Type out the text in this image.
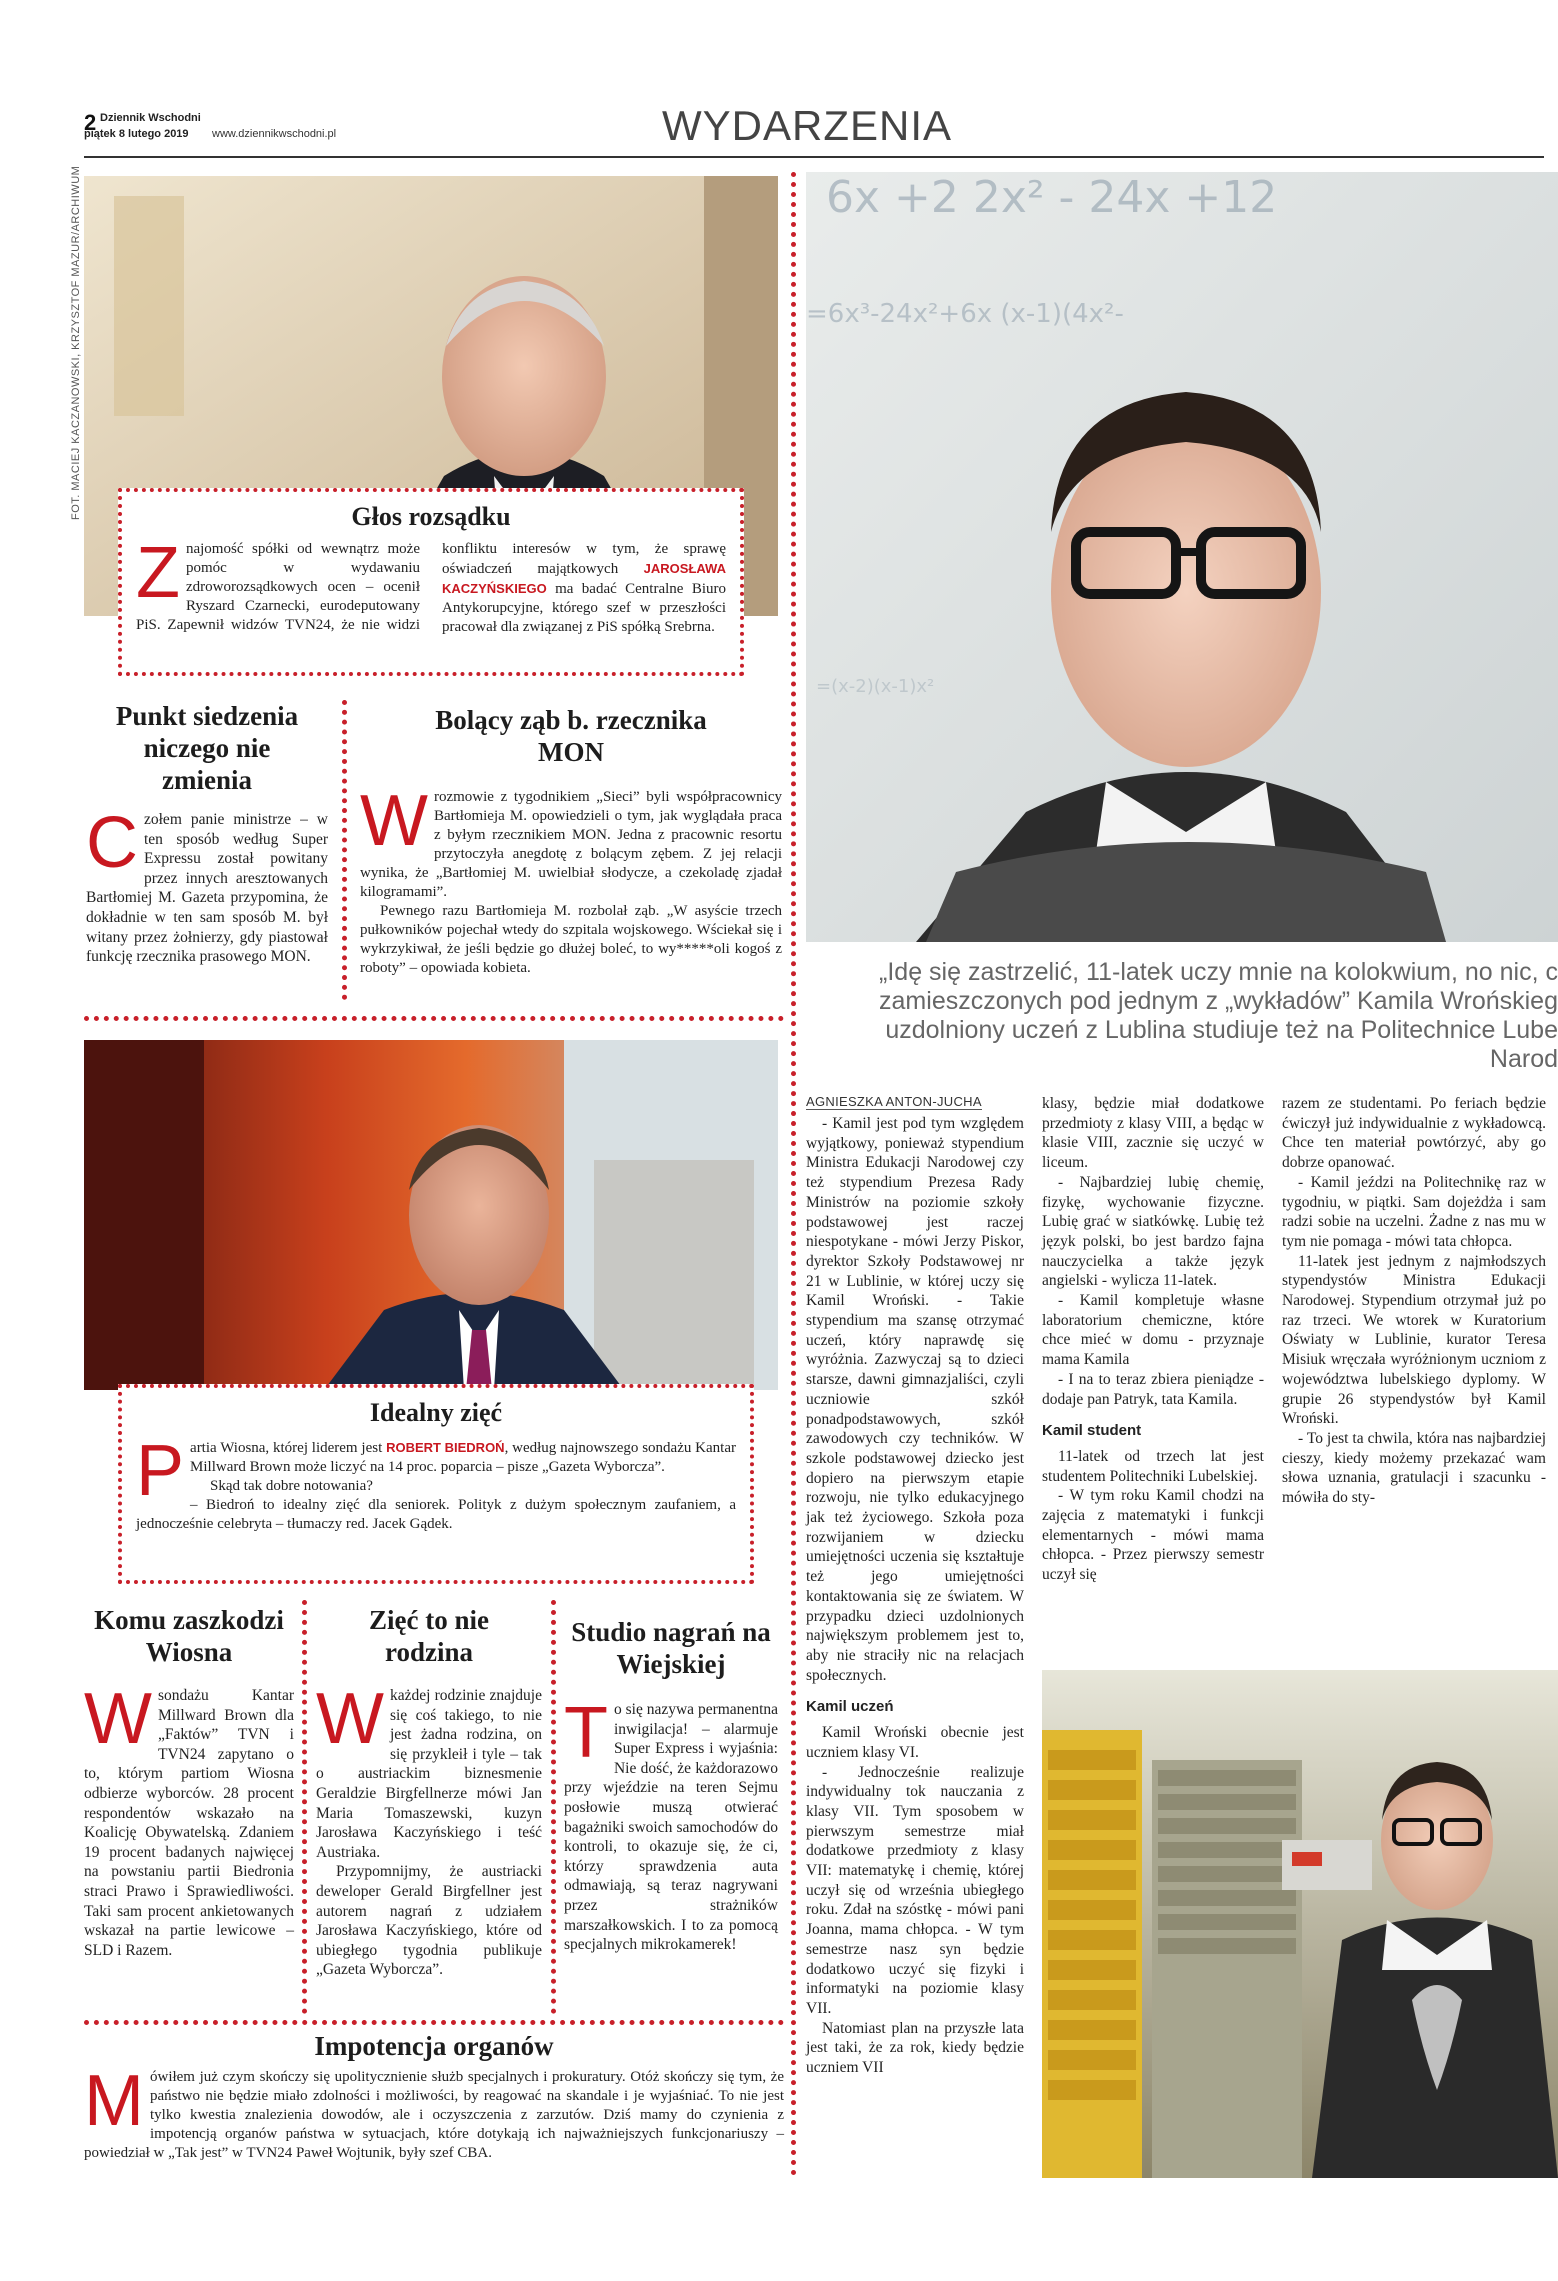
2 Dziennik Wschodni
piątek 8 lutego 2019 www.dziennikwschodni.pl	WYDARZENIA
FOT. MACIEJ KACZANOWSKI, KRZYSZTOF MAZUR/ARCHIWUM	Głos rozsądku
Znajomość spółki od wewnątrz może pomóc w wydawaniu zdroworozsądkowych ocen – ocenił Ryszard Czarnecki, eurodeputowany PiS. Zapewnił widzów TVN24, że nie widzi konfliktu interesów w tym, że sprawę oświadczeń majątkowych JAROSŁAWA KACZYŃSKIEGO ma badać Centralne Biuro Antykorupcyjne, którego szef w przeszłości pracował dla związanej z PiS spółką Srebrna.
Punkt siedzenia niczego nie zmienia
Czołem panie ministrze – w ten sposób według Super Expressu został powitany przez innych aresztowanych Bartłomiej M. Gazeta przypomina, że dokładnie w ten sam sposób M. był witany przez żołnierzy, gdy piastował funkcję rzecznika prasowego MON.
Bolący ząb b. rzecznika MON
Wrozmowie z tygodnikiem „Sieci” byli współpracownicy Bartłomieja M. opowiedzieli o tym, jak wyglądała praca z byłym rzecznikiem MON. Jedna z pracownic resortu przytoczyła anegdotę z bolącym zębem. Z jej relacji wynika, że „Bartłomiej M. uwielbiał słodycze, a czekoladę zjadał kilogramami”.

Pewnego razu Bartłomieja M. rozbolał ząb. „W asyście trzech pułkowników pojechał wtedy do szpitala wojskowego. Wściekał się i wykrzykiwał, że jeśli będzie go dłużej boleć, to wy*****oli kogoś z roboty” – opowiada kobieta.

Idealny zięć
Partia Wiosna, której liderem jest ROBERT BIEDROŃ, według najnowszego sondażu Kantar Millward Brown może liczyć na 14 proc. poparcia – pisze „Gazeta Wyborcza”.

Skąd tak dobre notowania?

– Biedroń to idealny zięć dla seniorek. Polityk z dużym społecznym zaufaniem, a jednocześnie celebryta – tłumaczy red. Jacek Gądek.

Komu zaszkodzi Wiosna
Wsondażu Kantar Millward Brown dla „Faktów” TVN i TVN24 zapytano o to, którym partiom Wiosna odbierze wyborców. 28 procent respondentów wskazało na Koalicję Obywatelską. Zdaniem 19 procent badanych najwięcej na powstaniu partii Biedronia straci Prawo i Sprawiedliwości. Taki sam procent ankietowanych wskazał na partie lewicowe – SLD i Razem.
Zięć to nie rodzina
Wkażdej rodzinie znajduje się coś takiego, to nie jest żadna rodzina, on się przykleił i tyle – tak o austriackim biznesmenie Geraldzie Birgfellnerze mówi Jan Maria Tomaszewski, kuzyn Jarosława Kaczyńskiego i teść Austriaka.

Przypomnijmy, że austriacki deweloper Gerald Birgfellner jest autorem nagrań z udziałem Jarosława Kaczyńskiego, które od ubiegłego tygodnia publikuje „Gazeta Wyborcza”.

Studio nagrań na Wiejskiej
To się nazywa permanentna inwigilacja! – alarmuje Super Express i wyjaśnia: Nie dość, że każdorazowo przy wjeździe na teren Sejmu posłowie muszą otwierać bagażniki swoich samochodów do kontroli, to okazuje się, że ci, którzy sprawdzenia auta odmawiają, są teraz nagrywani przez strażników marszałkowskich. I to za pomocą specjalnych mikrokamerek!
Impotencja organów
Mówiłem już czym skończy się upolitycznienie służb specjalnych i prokuratury. Otóż skończy się tym, że państwo nie będzie miało zdolności i możliwości, by reagować na skandale i je wyjaśniać. To nie jest tylko kwestia znalezienia dowodów, ale i oczyszczenia z zarzutów. Dziś mamy do czynienia z impotencją organów państwa w sytuacjach, które dotykają ich najważniejszych funkcjonariuszy – powiedział w „Tak jest” w TVN24 Paweł Wojtunik, były szef CBA.
6x +2 2x² - 24x +12
=6x³-24x²+6x (x-1)(4x²-
=(x-2)(x-1)x²
„Idę się zastrzelić, 11-latek uczy mnie na kolokwium, no nic, c
zamieszczonych pod jednym z „wykładów” Kamila Wrońskieg
uzdolniony uczeń z Lublina studiuje też na Politechnice Lube
Narod
AGNIESZKA ANTON-JUCHA

- Kamil jest pod tym względem wyjątkowy, ponieważ stypendium Ministra Edukacji Narodowej czy też stypendium Prezesa Rady Ministrów na poziomie szkoły podstawowej jest raczej niespotykane - mówi Jerzy Piskor, dyrektor Szkoły Podstawowej nr 21 w Lublinie, w której uczy się Kamil Wroński. - Takie stypendium ma szansę otrzymać uczeń, który naprawdę się wyróżnia. Zazwyczaj są to dzieci starsze, dawni gimnazjaliści, czyli uczniowie szkół ponadpodstawowych, szkół zawodowych czy techników. W szkole podstawowej dziecko jest dopiero na pierwszym etapie rozwoju, nie tylko edukacyjnego jak też życiowego. Szkoła poza rozwijaniem w dziecku umiejętności uczenia się kształtuje też jego umiejętności kontaktowania się ze światem. W przypadku dzieci uzdolnionych największym problemem jest to, aby nie straciły nic na relacjach społecznych.

Kamil uczeń

Kamil Wroński obecnie jest uczniem klasy VI.

- Jednocześnie realizuje indywidualny tok nauczania z klasy VII. Tym sposobem w pierwszym semestrze miał dodatkowe przedmioty z klasy VII: matematykę i chemię, której uczył się od września ubiegłego roku. Zdał na szóstkę - mówi pani Joanna, mama chłopca. - W tym semestrze nasz syn będzie dodatkowo uczyć się fizyki i informatyki na poziomie klasy VII.

Natomiast plan na przyszłe lata jest taki, że za rok, kiedy będzie uczniem VII

klasy, będzie miał dodatkowe przedmioty z klasy VIII, a będąc w klasie VIII, zacznie się uczyć w liceum.

- Najbardziej lubię chemię, fizykę, wychowanie fizyczne. Lubię grać w siatkówkę. Lubię też język polski, bo jest bardzo fajna nauczycielka a także język angielski - wylicza 11-latek.

- Kamil kompletuje własne laboratorium chemiczne, które chce mieć w domu - przyznaje mama Kamila

- I na to teraz zbiera pieniądze - dodaje pan Patryk, tata Kamila.

Kamil student

11-latek od trzech lat jest studentem Politechniki Lubelskiej.

- W tym roku Kamil chodzi na zajęcia z matematyki i funkcji elementarnych - mówi mama chłopca. - Przez pierwszy semestr uczył się

razem ze studentami. Po feriach będzie ćwiczył już indywidualnie z wykładowcą. Chce ten materiał powtórzyć, aby go dobrze opanować.

- Kamil jeździ na Politechnikę raz w tygodniu, w piątki. Sam dojeżdża i sam radzi sobie na uczelni. Żadne z nas mu w tym nie pomaga - mówi tata chłopca.

11-latek jest jednym z najmłodszych stypendystów Ministra Edukacji Narodowej. Stypendium otrzymał już po raz trzeci. We wtorek w Kuratorium Oświaty w Lublinie, kurator Teresa Misiuk wręczała wyróżnionym uczniom z województwa lubelskiego dyplomy. W grupie 26 stypendystów był Kamil Wroński.

- To jest ta chwila, która nas najbardziej cieszy, kiedy możemy przekazać wam słowa uznania, gratulacji i szacunku - mówiła do sty-
